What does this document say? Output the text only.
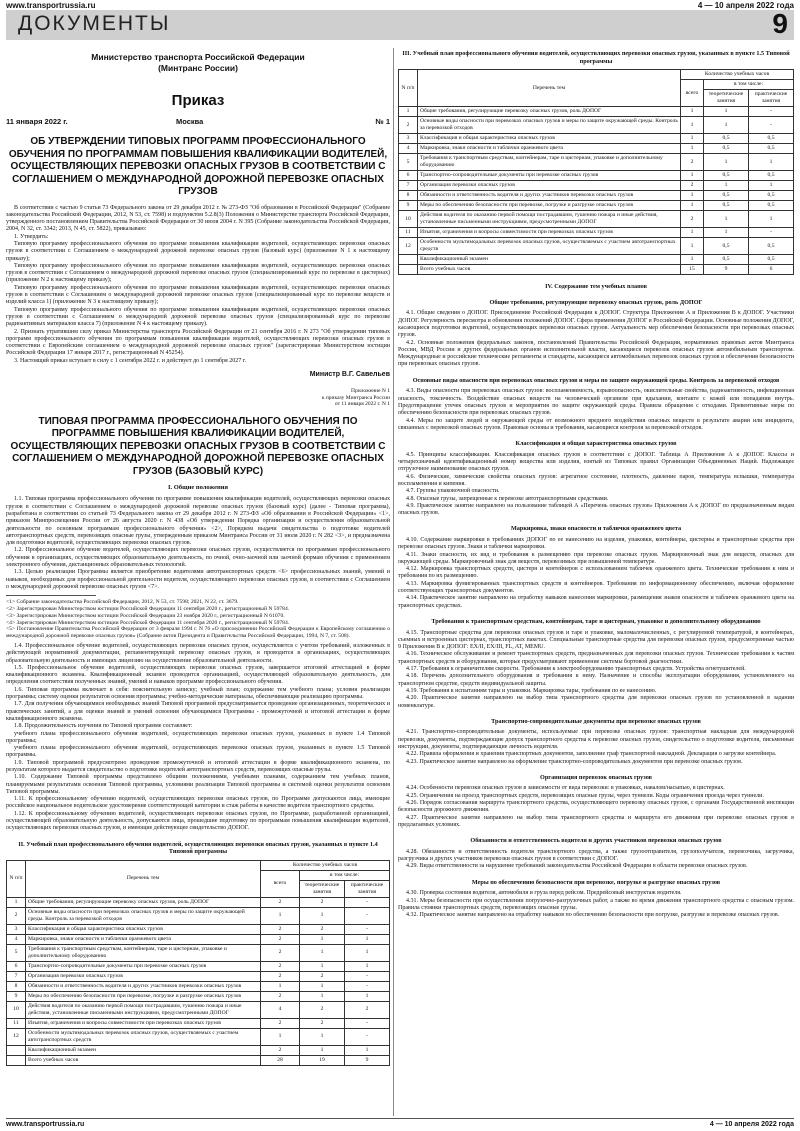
www.transportrussia.ru	4 — 10 апреля 2022 года
ДОКУМЕНТЫ	9
Министерство транспорта Российской Федерации
(Минтранс России)
Приказ
11 января 2022 г.	Москва	№ 1
ОБ УТВЕРЖДЕНИИ ТИПОВЫХ ПРОГРАММ ПРОФЕССИОНАЛЬНОГО ОБУЧЕНИЯ ПО ПРОГРАММАМ ПОВЫШЕНИЯ КВАЛИФИКАЦИИ ВОДИТЕЛЕЙ, ОСУЩЕСТВЛЯЮЩИХ ПЕРЕВОЗКИ ОПАСНЫХ ГРУЗОВ В СООТВЕТСТВИИ С СОГЛАШЕНИЕМ О МЕЖДУНАРОДНОЙ ДОРОЖНОЙ ПЕРЕВОЗКЕ ОПАСНЫХ ГРУЗОВ

В соответствии с частью 9 статьи 73 Федерального закона от 29 декабря 2012 г. № 273-ФЗ "Об образовании в Российской Федерации" (Собрание законодательства Российской Федерации, 2012, N 53, ст. 7598) и подпунктом 5.2.8(3) Положения о Министерстве транспорта Российской Федерации, утвержденного постановлением Правительства Российской Федерации от 30 июля 2004 г. N 395 (Собрание законодательства Российской Федерации, 2004, N 32, ст. 3342; 2013, N 45, ст. 5822), приказываю:

1. Утвердить:

Типовую программу профессионального обучения по программе повышения квалификации водителей, осуществляющих перевозки опасных грузов в соответствии с Соглашением о международной дорожной перевозке опасных грузов (базовый курс) (приложение N 1 к настоящему приказу);

Типовую программу профессионального обучения по программе повышения квалификации водителей, осуществляющих перевозки опасных грузов в соответствии с Соглашением о международной дорожной перевозке опасных грузов (специализированный курс по перевозке в цистернах) (приложение N 2 к настоящему приказу);

Типовую программу профессионального обучения по программе повышения квалификации водителей, осуществляющих перевозки опасных грузов в соответствии с Соглашением о международной дорожной перевозке опасных грузов (специализированный курс по перевозке веществ и изделий класса 1) (приложение N 3 к настоящему приказу);

Типовую программу профессионального обучения по программе повышения квалификации водителей, осуществляющих перевозки опасных грузов в соответствии с Соглашением о международной дорожной перевозке опасных грузов (специализированный курс по перевозке радиоактивных материалов класса 7) (приложение N 4 к настоящему приказу).

2. Признать утратившим силу приказ Министерства транспорта Российской Федерации от 21 сентября 2016 г. N 273 "Об утверждении типовых программ профессионального обучения по программам повышения квалификации водителей, осуществляющих перевозки опасных грузов в соответствии с Европейским соглашением о международной дорожной перевозке опасных грузов" (зарегистрирован Министерством юстиции Российской Федерации 17 января 2017 г., регистрационный N 45254).

3. Настоящий приказ вступает в силу с 1 сентября 2022 г. и действует до 1 сентября 2027 г.

Министр В.Г. Савельев
Приложение N 1
к приказу Минтранса России
от 11 января 2022 г. N 1
ТИПОВАЯ ПРОГРАММА ПРОФЕССИОНАЛЬНОГО ОБУЧЕНИЯ ПО ПРОГРАММЕ ПОВЫШЕНИЯ КВАЛИФИКАЦИИ ВОДИТЕЛЕЙ, ОСУЩЕСТВЛЯЮЩИХ ПЕРЕВОЗКИ ОПАСНЫХ ГРУЗОВ В СООТВЕТСТВИИ С СОГЛАШЕНИЕМ О МЕЖДУНАРОДНОЙ ДОРОЖНОЙ ПЕРЕВОЗКЕ ОПАСНЫХ ГРУЗОВ (БАЗОВЫЙ КУРС)
I. Общие положения

1.1. Типовая программа профессионального обучения по программе повышения квалификации водителей, осуществляющих перевозки опасных грузов в соответствии с Соглашением о международной дорожной перевозке опасных грузов (базовый курс) (далее - Типовая программа), разработана в соответствии со статьей 73 Федерального закона от 29 декабря 2012 г. N 273-ФЗ «Об образовании в Российской Федерации» <1>, приказом Минпросвещения России от 26 августа 2020 г. N 438 «Об утверждении Порядка организации и осуществления образовательной деятельности по основным программам профессионального обучения» <2>, Порядком выдачи свидетельства о подготовке водителей автотранспортных средств, перевозящих опасные грузы, утвержденным приказом Минтранса России от 31 июля 2020 г. N 282 <3>, и предназначена для подготовки водителей, осуществляющих перевозки опасных грузов.

1.2. Профессиональное обучение водителей, осуществляющих перевозки опасных грузов, осуществляется по программам профессионального обучения в организациях, осуществляющих образовательную деятельность, по очной, очно-заочной или заочной формам обучения с применением электронного обучения, дистанционных образовательных технологий.

1.3. Целью реализации Программы является приобретение водителями автотранспортных средств <6> профессиональных знаний, умений и навыков, необходимых для профессиональной деятельности водителя, осуществляющего перевозки опасных грузов, в соответствии с Соглашением о международной дорожной перевозке опасных грузов <7>.

<1> Собрание законодательства Российской Федерации, 2012, N 53, ст. 7598; 2021, N 22, ст. 3679.

<2> Зарегистрирован Министерством юстиции Российской Федерации 11 сентября 2020 г., регистрационный N 59784.

<3> Зарегистрирован Министерством юстиции Российской Федерации 23 ноября 2020 г., регистрационный N 61070.

<4> Зарегистрирован Министерством юстиции Российской Федерации 11 сентября 2020 г., регистрационный N 59784.

<5> Постановление Правительства Российской Федерации от 3 февраля 1994 г. N 76 «О присоединении Российской Федерации к Европейскому соглашению о международной дорожной перевозке опасных грузов» (Собрание актов Президента и Правительства Российской Федерации, 1994, N 7, ст. 508).

1.4. Профессиональное обучение водителей, осуществляющих перевозки опасных грузов, осуществляется с учетом требований, изложенных в действующей нормативной документации, регламентирующей перевозку опасных грузов, и проводится в организациях, осуществляющих образовательную деятельность и имеющих лицензию на осуществление образовательной деятельности.

1.5. Профессиональное обучение водителей, осуществляющих перевозки опасных грузов, завершается итоговой аттестацией в форме квалификационного экзамена. Квалификационный экзамен проводится организацией, осуществляющей образовательную деятельность, для определения соответствия полученных знаний, умений и навыков программе профессионального обучения.

1.6. Типовая программа включает в себя: пояснительную записку; учебный план; содержание тем учебного плана; условия реализации программы; систему оценки результатов освоения программы; учебно-методические материалы, обеспечивающие реализацию программы.

1.7. Для получения обучающимися необходимых знаний Типовой программой предусматривается проведение организационных, теоретических и практических занятий, а для оценки знаний и умений освоения обучающимися Программы - промежуточной и итоговой аттестации в форме квалификационного экзамена.

1.8. Продолжительность изучения по Типовой программе составляет:

учебного плана профессионального обучения водителей, осуществляющих перевозки опасных грузов, указанных в пункте 1.4 Типовой программы;

учебного плана профессионального обучения водителей, осуществляющих перевозки опасных грузов, указанных в пункте 1.5 Типовой программы.

1.9. Типовой программой предусмотрено проведение промежуточной и итоговой аттестации в форме квалификационного экзамена, по результатам которого выдается свидетельство о подготовке водителей автотранспортных средств, перевозящих опасные грузы.

1.10. Содержание Типовой программы представлено общими положениями, учебными планами, содержанием тем учебных планов, планируемыми результатами освоения Типовой программы, условиями реализации Типовой программы и системой оценки результатов освоения Типовой программы.

1.11. К профессиональному обучению водителей, осуществляющих перевозки опасных грузов, по Программе допускаются лица, имеющие российское национальное водительское удостоверение соответствующей категории и стаж работы в качестве водителя транспортного средства.

1.12. К профессиональному обучению водителей, осуществляющих перевозки опасных грузов, по Программе, разработанной организацией, осуществляющей образовательную деятельность, допускаются лица, прошедшие подготовку по программам повышения квалификации водителей, осуществляющих перевозки опасных грузов, и имеющие действующее свидетельство ДОПОГ.

II. Учебный план профессионального обучения водителей, осуществляющих перевозки опасных грузов, указанных в пункте 1.4 Типовой программы
N п/п	Перечень тем	Количество учебных часов		
		всего	в том числе:	
			теоретические занятия	практические занятия
1	Общие требования, регулирующие перевозку опасных грузов, роль ДОПОГ	2	2	-
2	Основные виды опасности при перевозках опасных грузов и меры по защите окружающей среды. Контроль за перевозкой отходов	1	1	-
3	Классификация и общая характеристика опасных грузов	2	2	-
4	Маркировка, знаки опасности и таблички оранжевого цвета	2	1	1
5	Требования к транспортным средствам, контейнерам, таре и цистернам, упаковке и дополнительному оборудованию	2	1	1
6	Транспортно-сопроводительные документы при перевозке опасных грузов	2	1	1
7	Организация перевозки опасных грузов	2	2	-
8	Обязанности и ответственность водителя и других участников перевозки опасных грузов	1	1	-
9	Меры по обеспечению безопасности при перевозке, погрузке и разгрузке опасных грузов	2	1	1
10	Действия водителя по оказанию первой помощи пострадавшим, тушению пожара и иные действия, установленные письменными инструкциями, предусмотренными ДОПОГ	4	2	2
11	Изъятия, ограничения и вопросы совместимости при перевозках опасных грузов	2	2	-
12	Особенности мультимодальных перевозок опасных грузов, осуществляемых с участием автотранспортных средств	1	1	-
	Квалификационный экзамен	2	1	1
	Всего учебных часов	28	19	9
III. Учебный план профессионального обучения водителей, осуществляющих перевозки опасных грузов, указанных в пункте 1.5 Типовой программы
N п/п	Перечень тем	Количество учебных часов		
		всего	в том числе:	
			теоретические занятия	практические занятия
1	Общие требования, регулирующие перевозку опасных грузов, роль ДОПОГ	1	1	-
2	Основные виды опасности при перевозках опасных грузов и меры по защите окружающей среды. Контроль за перевозкой отходов	1	1	-
3	Классификация и общая характеристика опасных грузов	1	0,5	0,5
4	Маркировка, знаки опасности и таблички оранжевого цвета	1	0,5	0,5
5	Требования к транспортным средствам, контейнерам, таре и цистернам, упаковке и дополнительному оборудованию	2	1	1
6	Транспортно-сопроводительные документы при перевозке опасных грузов	1	0,5	0,5
7	Организация перевозки опасных грузов	2	1	1
8	Обязанности и ответственность водителя и других участников перевозки опасных грузов	1	0,5	0,5
9	Меры по обеспечению безопасности при перевозке, погрузке и разгрузке опасных грузов	1	0,5	0,5
10	Действия водителя по оказанию первой помощи пострадавшим, тушению пожара и иные действия, установленные письменными инструкциями, предусмотренными ДОПОГ	2	1	1
11	Изъятия, ограничения и вопросы совместимости при перевозках опасных грузов	1	1	-
12	Особенности мультимодальных перевозок опасных грузов, осуществляемых с участием автотранспортных средств	1	0,5	0,5
	Квалификационный экзамен	1	0,5	0,5
	Всего учебных часов	15	9	6
IV. Содержание тем учебных планов
Общие требования, регулирующие перевозку опасных грузов, роль ДОПОГ

4.1. Общие сведения о ДОПОГ. Присоединение Российской Федерации к ДОПОГ. Структура Приложения А и Приложения В к ДОПОГ. Участники ДОПОГ. Регулярность пересмотра и обновления положений ДОПОГ. Сфера применения ДОПОГ в Российской Федерации. Основные положения ДОПОГ, касающиеся подготовки водителей, осуществляющих перевозки опасных грузов. Актуальность мер обеспечения безопасности при перевозках опасных грузов.

4.2. Основные положения федеральных законов, постановлений Правительства Российской Федерации, нормативных правовых актов Минтранса России, МВД России и других федеральных органов исполнительной власти, касающиеся перевозок опасных грузов автомобильным транспортом. Международные и российские технические регламенты и стандарты, касающиеся автомобильных перевозок опасных грузов и обеспечения безопасности при перевозках опасных грузов.

Основные виды опасности при перевозках опасных грузов и меры по защите окружающей среды. Контроль за перевозкой отходов

4.3. Виды опасности при перевозках опасных грузов: воспламеняемость, взрывоопасность, окислительные свойства, радиоактивность, инфекционная опасность, токсичность. Воздействие опасных веществ на человеческий организм при вдыхании, контакте с кожей или попадании внутрь. Предотвращение утечек опасных грузов и мероприятия по защите окружающей среды. Правила обращения с отходами. Превентивные меры по обеспечению безопасности при перевозках опасных грузов.

4.4. Меры по защите людей и окружающей среды от возможного вредного воздействия опасных веществ в результате аварии или инцидента, связанных с перевозкой опасных грузов. Правовые основы и требования, касающиеся контроля за перевозкой отходов.

Классификация и общая характеристика опасных грузов

4.5. Принципы классификации. Классификация опасных грузов в соответствии с ДОПОГ. Таблица А Приложения А к ДОПОГ. Классы и четырехзначный идентификационный номер вещества или изделия, взятый из Типовых правил Организации Объединенных Наций. Надлежащее отгрузочное наименование опасных грузов.

4.6. Физические, химические свойства опасных грузов: агрегатное состояние, плотность, давление паров, температура вспышки, температура воспламенения и кипения.

4.7. Группы упаковочной опасности.

4.8. Опасные грузы, запрещенные к перевозке автотранспортными средствами.

4.9. Практическое занятие направлено на пользование таблицей А «Перечень опасных грузов» Приложения А к ДОПОГ по предназначенным видам опасных грузов.

Маркировка, знаки опасности и таблички оранжевого цвета

4.10. Содержание маркировки в требованиях ДОПОГ по ее нанесению на изделия, упаковки, контейнеры, цистерны и транспортные средства при перевозке опасных грузов. Знаки и таблички маркировки.

4.11. Знаки опасности, их вид и требования к размещению при перевозке опасных грузов. Маркировочный знак для веществ, опасных для окружающей среды. Маркировочный знак для веществ, перевозимых при повышенной температуре.

4.12. Маркировка транспортных средств, цистерн и контейнеров с использованием табличек оранжевого цвета. Технические требования к ним и требования по их размещению.

4.13. Маркировка фумигированных транспортных средств и контейнеров. Требования по информационному обеспечению, включая оформление соответствующих транспортных документов.

4.14. Практическое занятие направлено на отработку навыков нанесения маркировки, размещения знаков опасности и табличек оранжевого цвета на транспортных средствах.

Требования к транспортным средствам, контейнерам, таре и цистернам, упаковке и дополнительному оборудованию

4.15. Транспортные средства для перевозки опасных грузов и таре и упаковке, маломалочисленных, с регулируемой температурой, в контейнерах, съемных и встроенных цистернах, транспортных пакетах. Специальные транспортные средства для перевозки опасных грузов, предусмотренные частью 9 Приложения В к ДОПОГ: EX/II, EX/III, FL, AT, MEMU.

4.16. Техническое обслуживание и ремонт транспортных средств, предназначенных для перевозки опасных грузов. Технические требования к частям транспортных средств и оборудования, которые предусматривают применение системы бортовой диагностики.

4.17. Требования к ограничителям скорости. Требования к электрооборудованию транспортных средств. Устройства огнетушителей.

4.18. Перечень дополнительного оборудования и требования к нему. Назначение и способы эксплуатации оборудования, установленного на транспортном средстве, средств индивидуальной защиты.

4.19. Требования к испытаниям тары и упаковки. Маркировка тары, требования по ее нанесению.

4.20. Практическое занятие направлено на выбор типа транспортного средства для перевозки опасных грузов по установленной в задании номенклатуре.

Транспортно-сопроводительные документы при перевозке опасных грузов

4.21. Транспортно-сопроводительные документы, используемые при перевозке опасных грузов: транспортная накладная для международной перевозки, документы, подтверждающие допуск транспортного средства к перевозке опасных грузов, свидетельство о подготовке водителя, письменные инструкции, документы, подтверждающие личность водителя.

4.22. Правила оформления и хранения транспортных документов, заполнение граф транспортной накладной. Декларация о загрузке контейнера.

4.23. Практическое занятие направлено на оформление транспортно-сопроводительных документов при перевозке опасных грузов.

Организация перевозок опасных грузов

4.24. Особенности перевозки опасных грузов в зависимости от вида перевозки: в упаковках, навалом/насыпью, в цистернах.

4.25. Ограничения на проезд транспортных средств, перевозящих опасные грузы, через туннели. Коды ограничения проезда через туннели.

4.26. Порядок согласования маршрута транспортного средства, осуществляющего перевозку опасных грузов, с органами Государственной инспекции безопасности дорожного движения.

4.27. Практическое занятие направлено на выбор типа транспортного средства и маршрута его движения при перевозке опасных грузов в предлагаемых условиях.

Обязанности и ответственность водителя и других участников перевозки опасных грузов

4.28. Обязанности и ответственность водителя транспортного средства, а также грузоотправителя, грузополучателя, перевозчика, загрузчика, разгрузчика и других участников перевозки опасных грузов в соответствии с ДОПОГ.

4.29. Виды ответственности за нарушение требований законодательства Российской Федерации в области перевозки опасных грузов.

Меры по обеспечению безопасности при перевозке, погрузке и разгрузке опасных грузов

4.30. Проверка состояния водителя, автомобиля и груза перед рейсом. Предрейсовый инструктаж водителя.

4.31. Меры безопасности при осуществлении погрузочно-разгрузочных работ, а также во время движения транспортного средства с опасным грузом. Правила стоянки транспортных средств, перевозящих опасные грузы.

4.32. Практическое занятие направлено на отработку навыков по обеспечению безопасности при погрузке, разгрузке и перевозке опасных грузов.

www.transportrussia.ru	4 — 10 апреля 2022 года
